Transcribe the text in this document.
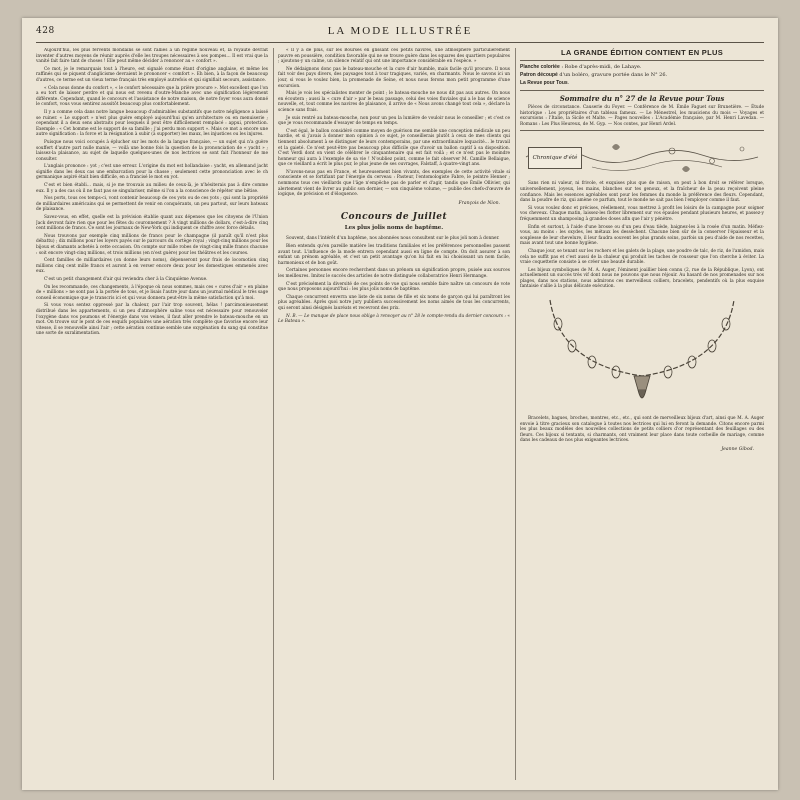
428	LA MODE ILLUSTRÉE

Aujourd'hui, les plus fervents mondains se sont ralliés à un régime nouveau et, la royauté devrait inventer d'autres moyens de réunir auprès d'elle les troupes nécessaires à ses pompes… Il est vrai que la vanité fait faire tant de choses ! Elle peut même décider à renoncer au « confort ».

Ce mot, je le remarquais tout à l'heure, est signalé comme étant d'origine anglaise, et même les raffinés qui se piquent d'anglicisme devraient le prononcer « comfort ». Eh bien, à la façon de beaucoup d'autres, ce terme est un vieux terme français très employé autrefois et qui signifiait secours, assistance.

« Cela nous donne du confort », « le confort nécessaire que la prière procure ». Mot excellent que l'on a eu tort de laisser perdre et qui nous est revenu d'outre-Manche avec une signification légèrement différente. Cependant, quand le concours et l'assistance de notre maison, de notre foyer vous aura donné le confort, vous vous sentirez aussitôt beaucoup plus confortablement.

Il y a comme cela dans notre langue beaucoup d'admirables substantifs que notre négligence a laissé se ruiner. « Le support » n'est plus guère employé aujourd'hui qu'en architecture ou en menuiserie ; cependant il a deux sens abstraits pour lesquels il peut être difficilement remplacé : appui, protection. Exemple : « Cet homme est le support de sa famille ; j'ai perdu mon support ». Mais ce mot a encore une autre signification : la force et la résignation à subir (à supporter) les maux, les injustices ou les injures.

Puisque nous voici occupés à éplucher sur les mots de la langue française, — un sujet qui n'a guère souffert d'autre part nulle manie, — voilà une bonne fois la question de la prononciation de « yacht » ; laissez-la plaisance, au sujet de laquelle quelques-unes de nos lectrices se sont fait l'honneur de me consulter.

L'anglais prononce : yot ; c'est une erreur. L'origine du mot est hollandaise : yacht, en allemand jacht signifie dans les deux cas une embarcation pour la chasse ; seulement cette prononciation avec le ch germanique aspiré était bien difficile, en a francisé le mot en yot.

C'est et bien établi… mais, si je me trouvais au milieu de ceux-là, je n'hésiterais pas à dire comme eux. Il y a des cas où il ne faut pas se singulariser, même si l'on a la conscience de répéter une bêtise.

Nos ports, tous ces temps-ci, vont contenir beaucoup de ces yots ou de ces yots ; qui sont la propriété de milliardaires américains qui se permettent de venir en conquérants, un peu partout, sur leurs bateaux de plaisance.

Savez-vous, en effet, quelle est la prévision établie quant aux dépenses que les citoyens de l'Union Jack devront faire rien que pour les fêtes du couronnement ? À vingt millions de dollars, c'est-à-dire cinq cent millions de francs. Ce sont les journaux de New-York qui indiquent ce chiffre avec force détails.

Nous trouvons par exemple cinq millions de francs pour le champagne (il paraît qu'il n'est plus débattu) ; dix millions pour les loyers payés sur le parcours du cortège royal ; vingt-cinq millions pour les bijoux et diamants achetés à cette occasion. On compte sur mille robes de vingt-cinq mille francs chacune : soit encore vingt-cinq millions, et trois millions (en n'est guère) pour les théâtres et les courses.

Cent familles de milliardaires (on donne leurs noms), dépenseront pour frais de locomotion cinq millions cinq cent mille francs et auront à en verser encore deux pour les domestiques emmenés avec eux.

C'est un petit changement d'air qui reviendra cher à la Cinquième Avenue.

On les recommande, ces changements, à l'époque où nous sommes, mais ces « cures d'air » en plaine de « millions » ne sont pas à la portée de tous, et je lisais l'autre jour dans un journal médical le très sage conseil économique que je transcris ici et qui vous donnera peut-être la même satisfaction qu'à moi.

Si vous vous sentez oppressé par la chaleur, par l'air trop souvent, hélas ! parcimonieusement distribué dans les appartements, si un peu d'atmosphère saline vous est nécessaire pour renouveler l'oxygène dans vos poumons et l'énergie dans vos veines, il faut aller prendre le bateau-mouche en un mot. On trouve sur le pont de ces esquifs populaires une aération très complète que favorise encore leur vitesse, il se renouvelle ainsi l'air ; cette aération continue semble une oxygénation du sang qui constitue une sorte de suralimentation.

« Il y a de plus, sur les Bourses en glissant ces petits navires, une atmosphère particulièrement pauvre en poussière, condition favorable qui ne se trouve guère dans les squares des quartiers populaires ; ajoutons-y un calme, un silence relatif qui ont une importance considérable en l'espèce. »

Ne dédaignons donc pas le bateau-mouche et la cure d'air humble, mais facile qu'il procure. Il nous fait voir des pays divers, des paysages tout à tour tragiques, variés, en charmants. Nous le savons ici un jour, si vous le voulez bien, la promenade de Seine, et nous nous ferons mon petit programme d'une excursion.

Mais je vois les spécialistes monter de point ; le bateau-mouche ne nous dit pas aux autres. On nous en écoutera ; aussi la « cure d'air » par le beau passage, celui des voies fluviales qui a le bas de science nouvelle, et, tout comme les navires de plaisance, il arrive de « Nous avons changé tout cela », déclare la science sans frais.

Je suis rentré au bateau-mouche, non pour un peu la lumière de vouloir nous le conseiller ; et c'est ce que je vous recommande d'essayer de temps en temps.

C'est égal, le ballon considéré comme moyen de guérison me semble une conception médicale un peu hardie, et si j'avais à donner mon opinion à ce sujet, je conseillerais plutôt à ceux de mes clients qui tiennent absolument à se distinguer de leurs contemporains, par une extraordinaire loquacité… le travail et la gaieté. Ce n'est peut-être pas beaucoup plus difficile que d'avoir un ballon captif à sa disposition. C'est Verdi dont on vient de célébrer le cinquantenaire qui est fait voilà ; et ce n'est pas le moindre honneur qui aura à l'exemple de sa vie ! N'oubliez point, comme le fait observer M. Camille Bellaigue, que ce vieillard a écrit le plus pur, le plus jeune de ses ouvrages, Falstaff, à quatre-vingt ans.

N'avons-nous pas en France, et heureusement bien vivants, des exemples de cette activité vitale si consciente et se fortifiant par l'énergie du cerveau : Pasteur, l'entomologiste Fabre, le peintre Henner ; nommons tous ces vieillards que l'âge n'empêche pas de parler et d'agir, tandis que Émile Ollivier, qui alertement vient de livrer au public son dernier, — son cinquième volume, — publie des chefs-d'œuvre de logique, de précision et d'éloquence.

François de Nion.
Concours de Juillet
Les plus jolis noms de baptême.

Souvent, dans l'intérêt d'un baptême, nos abonnées nous consultent sur le plus joli nom à donner.

Bien entendu qu'en pareille matière les traditions familiales et les préférences personnelles passent avant tout. L'influence de la mode entrera cependant aussi en ligne de compte. On doit assurer à son enfant un prénom agréable, et c'est un petit avantage qu'on lui fait en lui choisissant un nom facile, harmonieux et de bon goût.

Certaines personnes encore recherchent dans un prénom un signification propre, puisée aux sources les meilleures. Imitez le succès des articles de notre distinguée collaboratrice Henri Hermange.

C'est précisément la diversité de ces points de vue qui nous semble faire naître un concours de vote que nous proposons aujourd'hui : les plus jolis noms de baptême.

Chaque concurrent enverra une liste de six noms de fille et six noms de garçon qui lui paraîtront les plus agréables. Après quoi notre jury publiera successivement les noms aimés de tous les concurrents, qui seront ainsi désignés lauréats et recevront des prix.

N. B. — Le manque de place nous oblige à renvoyer au n° 28 le compte-rendu du dernier concours : « Le Bateau ».

LA GRANDE ÉDITION CONTIENT EN PLUS
Planche coloriée : Robe d'après-midi, de Lahaye.
Patron découpé d'un boléro, gravure portée dans le N° 26.
La Revue pour Tous.
Sommaire du n° 27 de la Revue pour Tous

Pièces de circonstance. Causerie du Foyer. — Conférence de M. Émile Faguet sur Brunetière. — Étude historique : Les propriétaires d'un tableau fameux. — Le Ménestrel, les musiciens du mois — Voyages et excursions : l'Italie, la Sicile et Malte. — Pages nouvelles : L'Académie française, par M. Henri Lavedan. — Romans : Les Plus Heureux, de M. Gyp. — Nos contes, par Henri Ardel.

Chronique d'été

Sans rien ni valeur, ni frivole, et exquises plus que de raison, on peut à bon droit se référer lorsque, universellement, joyeux, les mains, blanches sur tes genoux, et la fraîcheur de la peau reçoivent pleine confiance. Mais les essences agréables sont pour les femmes du monde la préférence des fleurs. Cependant, dans la poudre de riz, qui amène ce parfum, tout le monde ne sait pas bien l'employer comme il faut.

Si vous voulez donc et précises, réellement, vous mettrez à profit les loisirs de la campagne pour soigner vos cheveux. Chaque matin, laissez-les flotter librement sur vos épaules pendant plusieurs heures, et passez-y fréquemment un shampooing à grandes doses afin que l'air y pénètre.

Enfin et surtout, à l'aide d'une brosse ou d'un peu d'eau tiède, baignez-les à la rosée d'un matin. Méfiez-vous, au moins : les oxydes, les métaux les dessèchent. Chacune bien sûr de la conserver l'épaisseur et la souplesse de leur chevelure, il leur faudra souvent les plus grands soins, parfois un peu d'aide de nos recettes, mais avant tout une bonne hygiène.

Chaque jour, se tenant sur les rochers et les galets de la plage, une poudre de talc, de riz, de l'amidon, mais cela ne suffit pas et c'est aussi de la chaleur qui produit les taches de rousseur que l'on cherche à éviter. La vraie coquetterie consiste à se créer une beauté durable.

Les bijoux symboliques de M. A. Auger, l'éminent joaillier bien connu (2, rue de la République, Lyon), ont actuellement un succès très vif dont nous ne pouvons que nous réjouir. Au hasard de nos promenades sur nos plages, dans nos stations, nous admirons ces merveilleux colliers, bracelets, pendentifs où la plus exquise fantaisie s'allie à la plus délicate exécution.

Bracelets, bagues, broches, montres, etc., etc., qui sont de merveilleux bijoux d'art, ainsi que M. A. Auger envoie à titre gracieux son catalogue à toutes nos lectrices qui lui en feront la demande. Citons encore parmi les plus beaux modèles des nouvelles collections de petits colliers d'or représentant des feuillages ou des fleurs. Ces bijoux si tentants, si charmants, ont vraiment leur place dans toute corbeille de mariage, comme dans les cadeaux de nos plus exigeantes lectrices.

Jeanne Gibod.
